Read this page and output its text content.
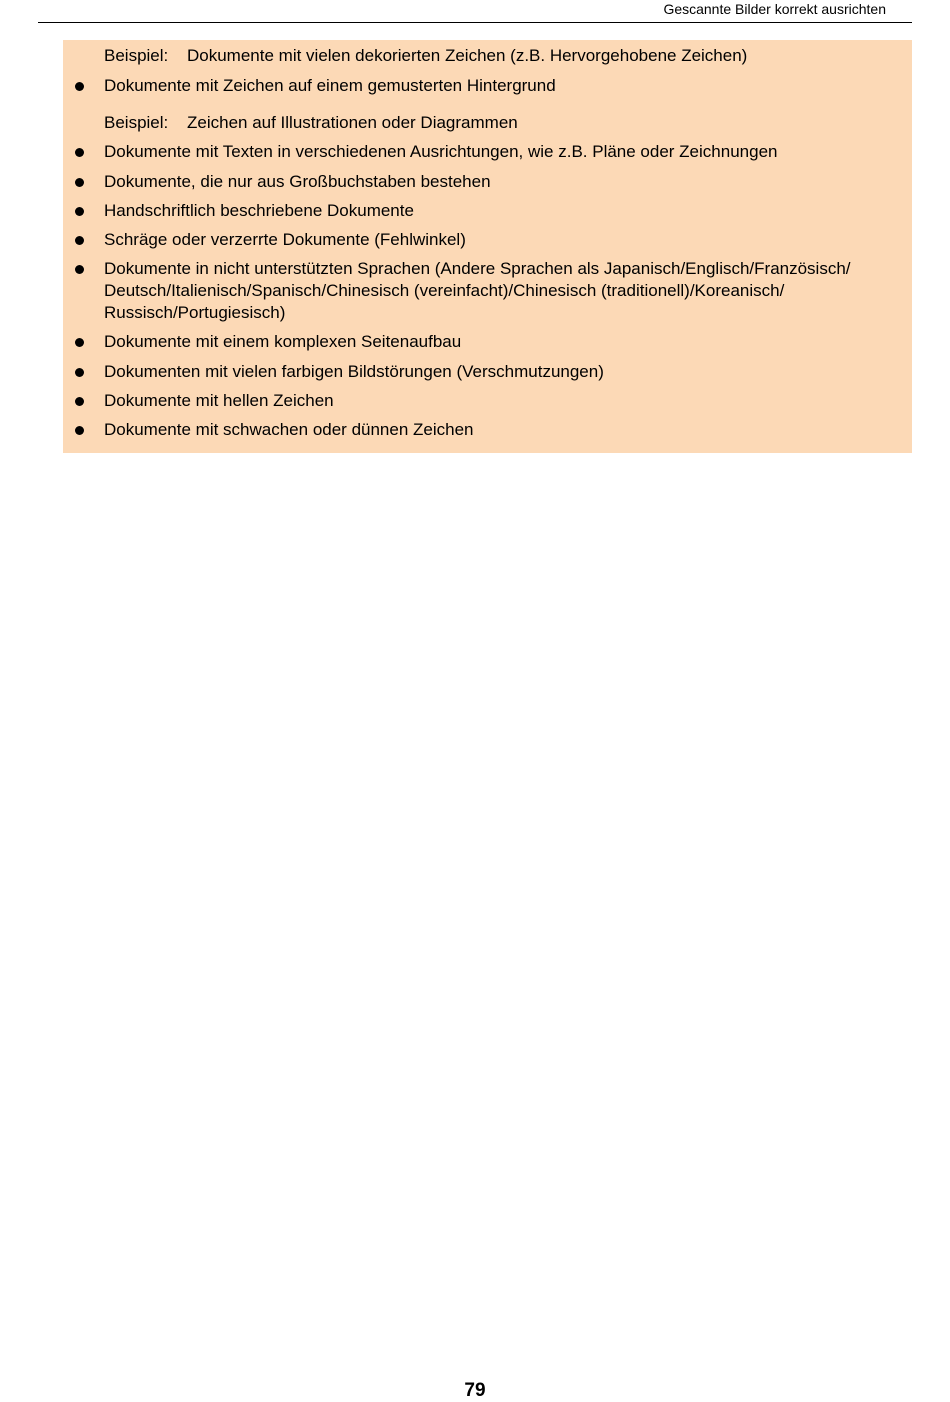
Gescannte Bilder korrekt ausrichten
Beispiel: Dokumente mit vielen dekorierten Zeichen (z.B. Hervorgehobene Zeichen)
Dokumente mit Zeichen auf einem gemusterten Hintergrund
Beispiel: Zeichen auf Illustrationen oder Diagrammen
Dokumente mit Texten in verschiedenen Ausrichtungen, wie z.B. Pläne oder Zeichnungen
Dokumente, die nur aus Großbuchstaben bestehen
Handschriftlich beschriebene Dokumente
Schräge oder verzerrte Dokumente (Fehlwinkel)
Dokumente in nicht unterstützten Sprachen (Andere Sprachen als Japanisch/Englisch/Französisch/ Deutsch/Italienisch/Spanisch/Chinesisch (vereinfacht)/Chinesisch (traditionell)/Koreanisch/ Russisch/Portugiesisch)
Dokumente mit einem komplexen Seitenaufbau
Dokumenten mit vielen farbigen Bildstörungen (Verschmutzungen)
Dokumente mit hellen Zeichen
Dokumente mit schwachen oder dünnen Zeichen
79
